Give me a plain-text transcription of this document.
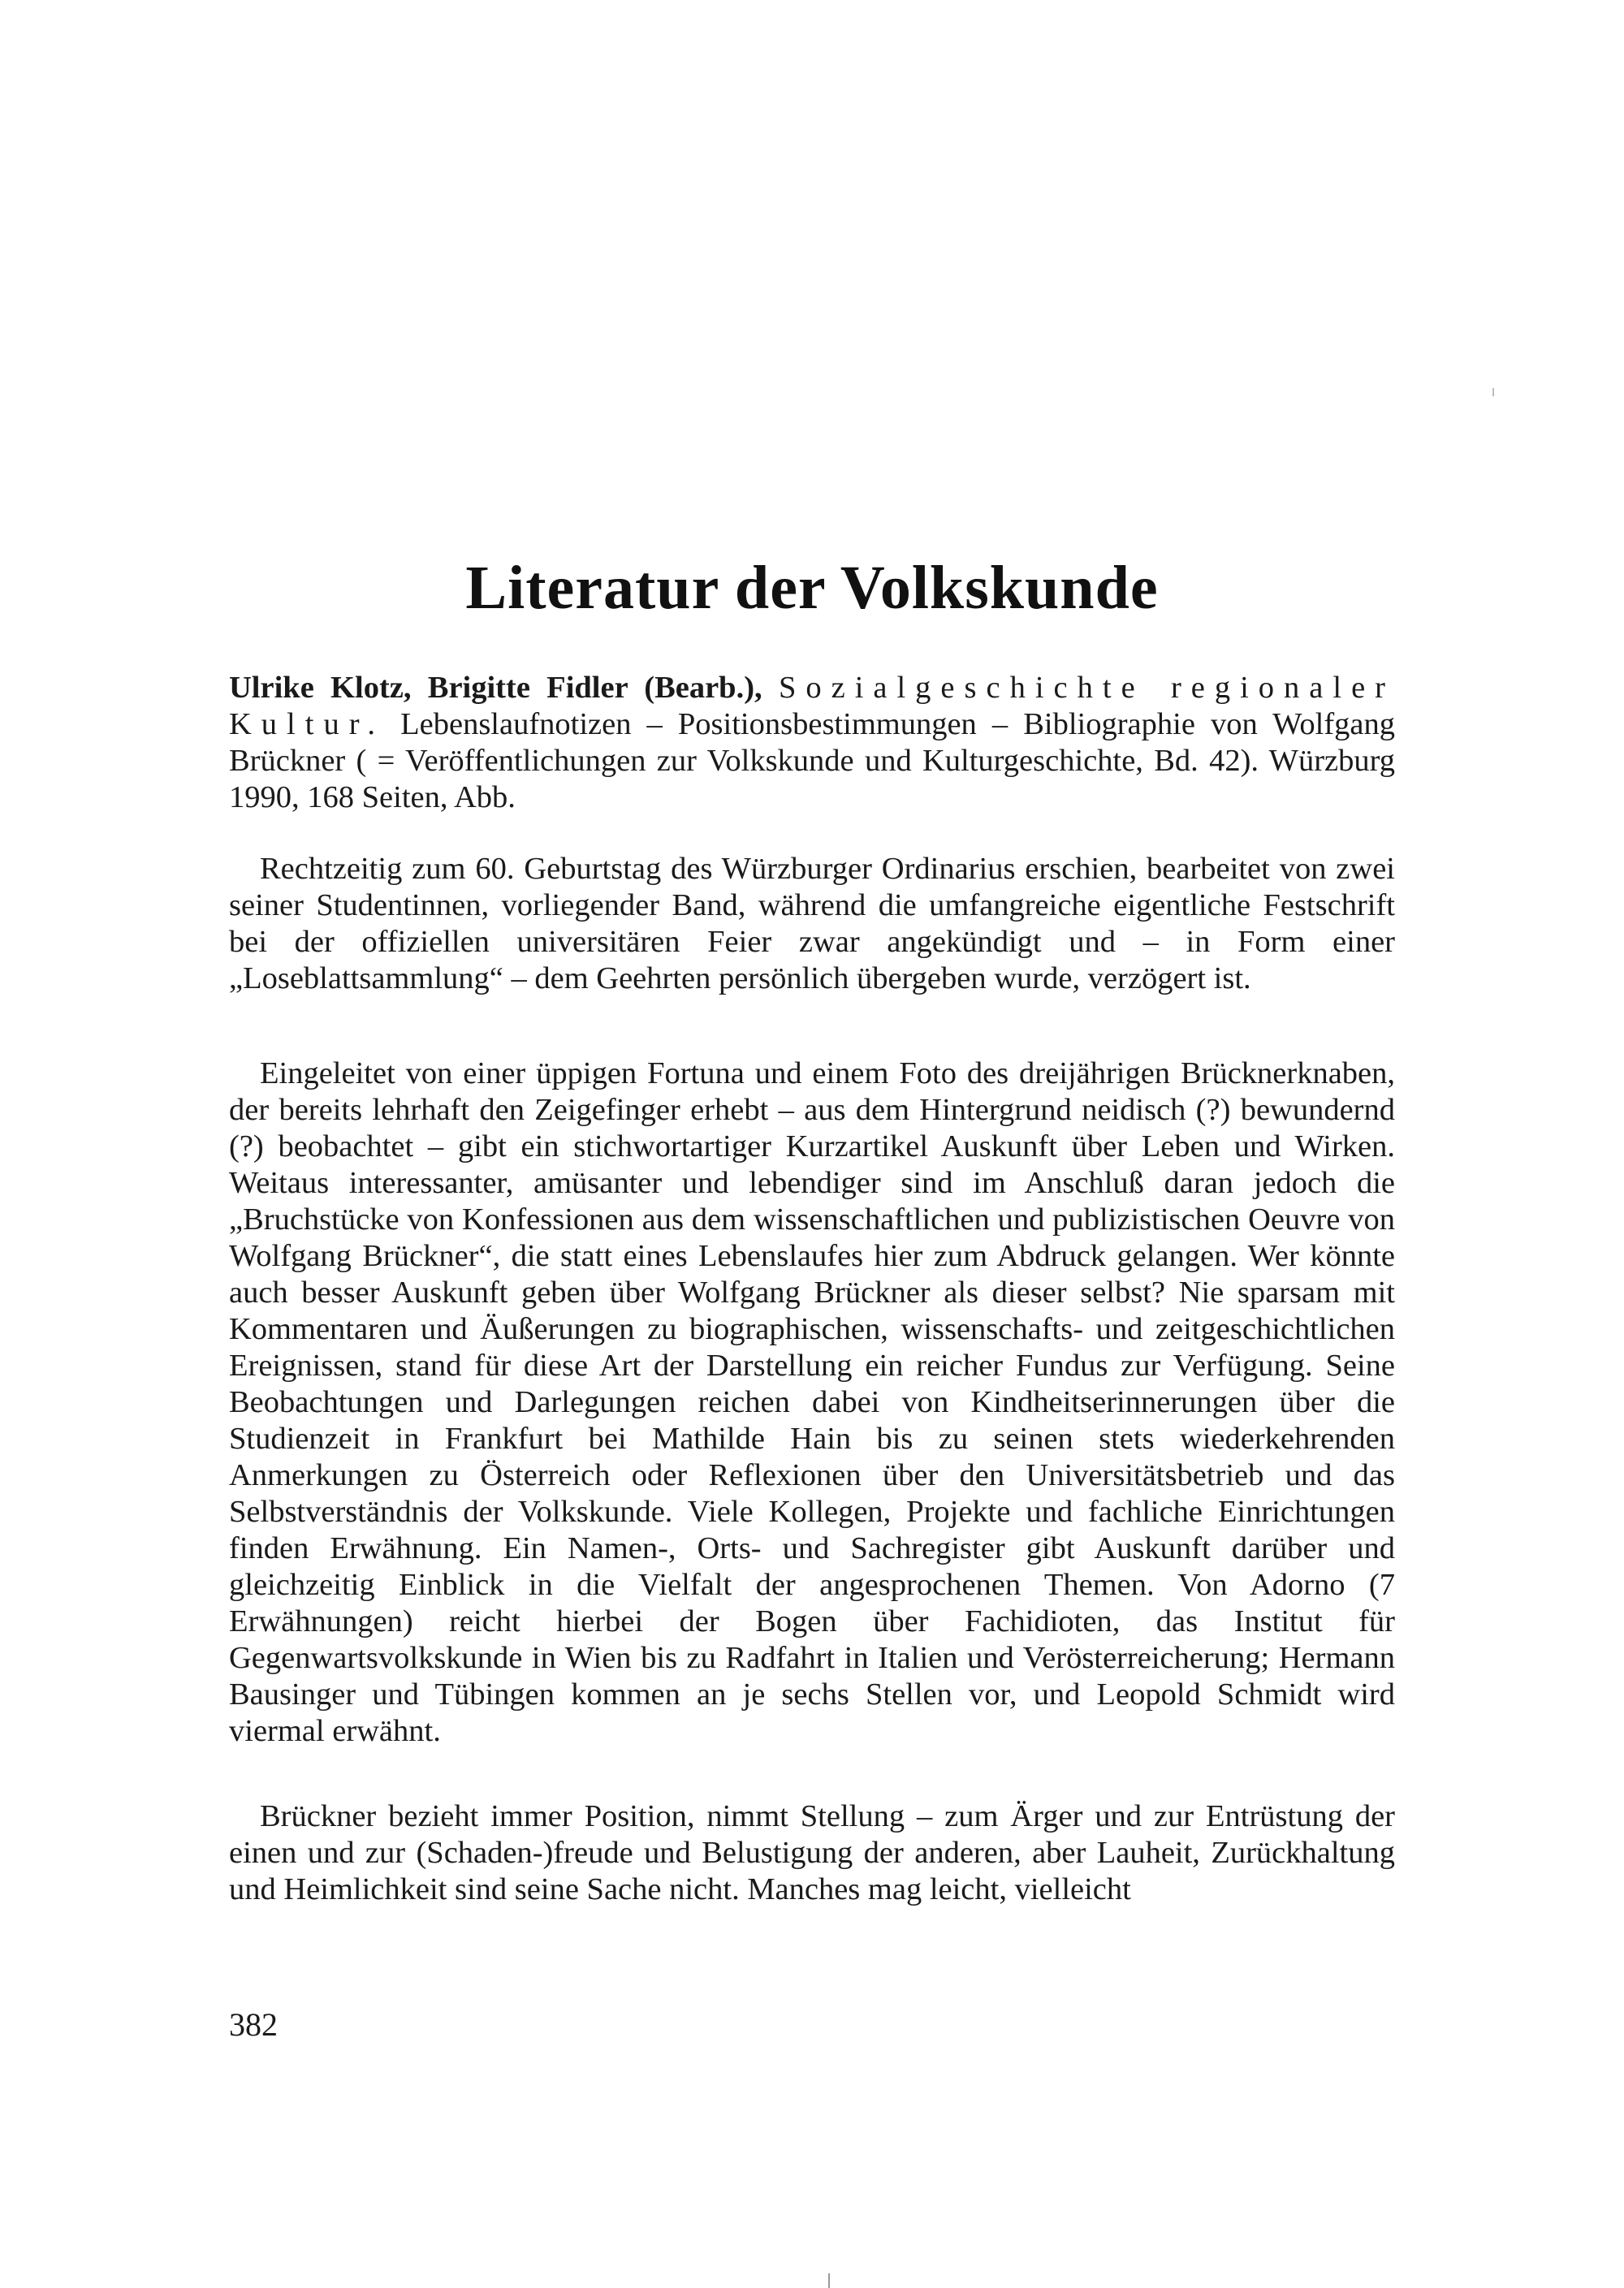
Literatur der Volkskunde

Ulrike Klotz, Brigitte Fidler (Bearb.), Sozialgeschichte regionaler

Kultur. Lebenslaufnotizen – Positionsbestimmungen – Bibliographie von Wolfgang Brückner ( = Veröffentlichungen zur Volkskunde und Kulturgeschichte, Bd. 42). Würzburg 1990, 168 Seiten, Abb.

Rechtzeitig zum 60. Geburtstag des Würzburger Ordinarius erschien, bearbeitet von zwei seiner Studentinnen, vorliegender Band, während die umfangreiche eigentliche Festschrift bei der offiziellen universitären Feier zwar angekündigt und – in Form einer „Loseblattsammlung“ – dem Geehrten persönlich übergeben wurde, verzögert ist.

Eingeleitet von einer üppigen Fortuna und einem Foto des dreijährigen Brücknerknaben, der bereits lehrhaft den Zeigefinger erhebt – aus dem Hintergrund neidisch (?) bewundernd (?) beobachtet – gibt ein stichwortartiger Kurzartikel Auskunft über Leben und Wirken. Weitaus interessanter, amüsanter und lebendiger sind im Anschluß daran jedoch die „Bruchstücke von Konfessionen aus dem wissenschaftlichen und publizistischen Oeuvre von Wolfgang Brückner“, die statt eines Lebenslaufes hier zum Abdruck gelangen. Wer könnte auch besser Auskunft geben über Wolfgang Brückner als dieser selbst? Nie sparsam mit Kommentaren und Äußerungen zu biographischen, wissenschafts- und zeitgeschichtlichen Ereignissen, stand für diese Art der Darstellung ein reicher Fundus zur Verfügung. Seine Beobachtungen und Darlegungen reichen dabei von Kindheitserinnerungen über die Studienzeit in Frankfurt bei Mathilde Hain bis zu seinen stets wiederkehrenden Anmerkungen zu Österreich oder Reflexionen über den Universitätsbetrieb und das Selbstverständnis der Volkskunde. Viele Kollegen, Projekte und fachliche Einrichtungen finden Erwähnung. Ein Namen-, Orts- und Sachregister gibt Auskunft darüber und gleichzeitig Einblick in die Vielfalt der angesprochenen Themen. Von Adorno (7 Erwähnungen) reicht hierbei der Bogen über Fachidioten, das Institut für Gegenwartsvolkskunde in Wien bis zu Radfahrt in Italien und Verösterreicherung; Hermann Bausinger und Tübingen kommen an je sechs Stellen vor, und Leopold Schmidt wird viermal erwähnt.

Brückner bezieht immer Position, nimmt Stellung – zum Ärger und zur Entrüstung der einen und zur (Schaden-)freude und Belustigung der anderen, aber Lauheit, Zurückhaltung und Heimlichkeit sind seine Sache nicht. Manches mag leicht, vielleicht

382
